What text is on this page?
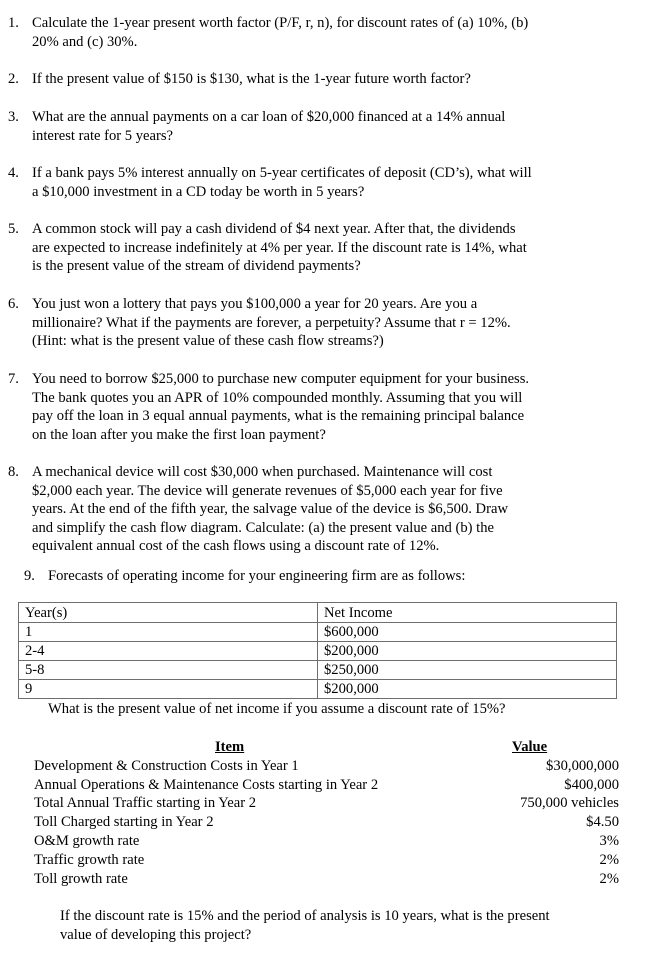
1. Calculate the 1-year present worth factor (P/F, r, n), for discount rates of (a) 10%, (b)
20% and (c) 30%.
2. If the present value of $150 is $130, what is the 1-year future worth factor?
3. What are the annual payments on a car loan of $20,000 financed at a 14% annual
interest rate for 5 years?
4. If a bank pays 5% interest annually on 5-year certificates of deposit (CD’s), what will
a $10,000 investment in a CD today be worth in 5 years?
5. A common stock will pay a cash dividend of $4 next year. After that, the dividends
are expected to increase indefinitely at 4% per year. If the discount rate is 14%, what
is the present value of the stream of dividend payments?
6. You just won a lottery that pays you $100,000 a year for 20 years. Are you a
millionaire? What if the payments are forever, a perpetuity? Assume that r = 12%.
(Hint: what is the present value of these cash flow streams?)
7. You need to borrow $25,000 to purchase new computer equipment for your business.
The bank quotes you an APR of 10% compounded monthly. Assuming that you will
pay off the loan in 3 equal annual payments, what is the remaining principal balance
on the loan after you make the first loan payment?
8. A mechanical device will cost $30,000 when purchased. Maintenance will cost
$2,000 each year. The device will generate revenues of $5,000 each year for five
years. At the end of the fifth year, the salvage value of the device is $6,500. Draw
and simplify the cash flow diagram. Calculate: (a) the present value and (b) the
equivalent annual cost of the cash flows using a discount rate of 12%.
9. Forecasts of operating income for your engineering firm are as follows:
Year(s)	Net Income
1	$600,000
2-4	$200,000
5-8	$250,000
9	$200,000
What is the present value of net income if you assume a discount rate of 15%?
Item	Value
Development & Construction Costs in Year 1	$30,000,000
Annual Operations & Maintenance Costs starting in Year 2	$400,000
Total Annual Traffic starting in Year 2	750,000 vehicles
Toll Charged starting in Year 2	$4.50
O&M growth rate	3%
Traffic growth rate	2%
Toll growth rate	2%
If the discount rate is 15% and the period of analysis is 10 years, what is the present
value of developing this project?
